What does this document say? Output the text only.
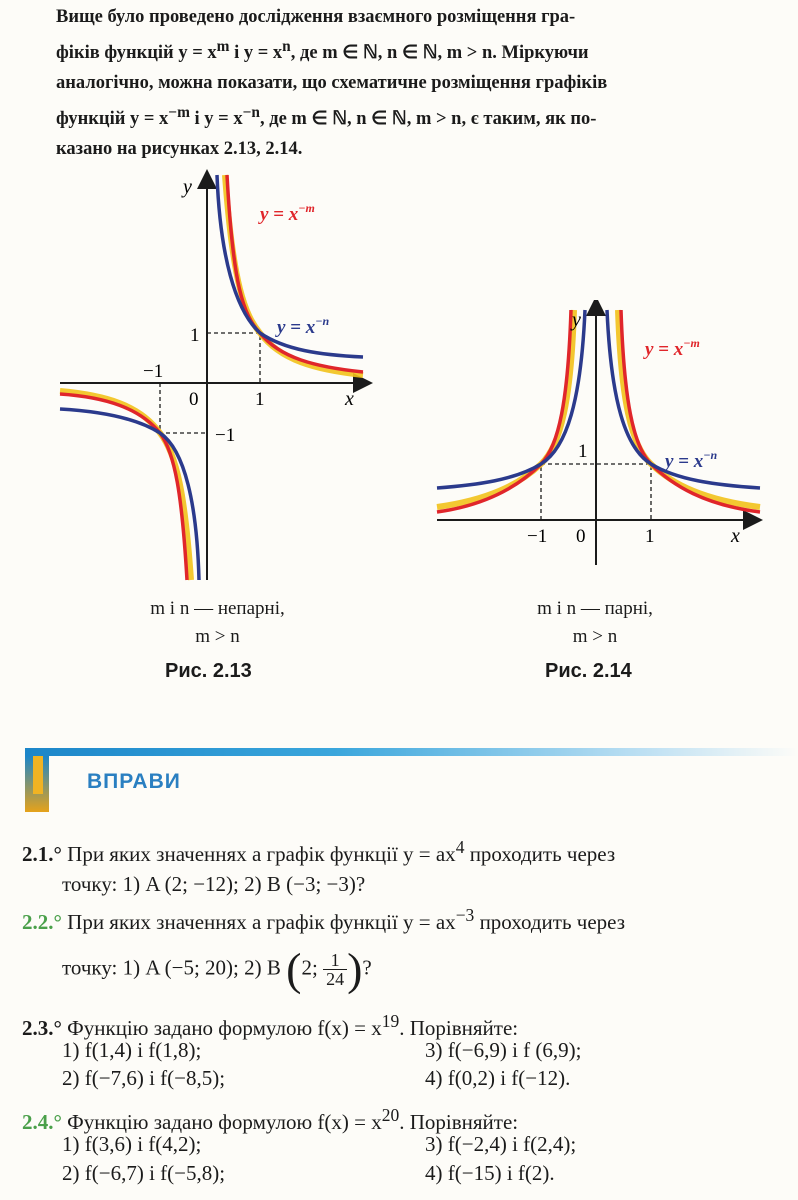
Вище було проведено дослідження взаємного розміщення гра-
фіків функцій $y = x^m$ і $y = x^n$, де m ∈ ℕ, n ∈ ℕ, m > n. Міркуючи
аналогічно, можна показати, що схематичне розміщення графіків
функцій $y = x^{-m}$ і $y = x^{-n}$, де m ∈ ℕ, n ∈ ℕ, m > n, є таким, як по-
казано на рисунках 2.13, 2.14.
y
x
1
−1
0	1
−1
$y = x^{-m}$
$y = x^{-n}$
m і n — непарні,
m > n
Рис. 2.13
y
x
1
−1 0	1
$y = x^{-m}$
$y = x^{-n}$
m і n — парні,
m > n
Рис. 2.14
ВПРАВИ
2.1.° При яких значеннях a графік функції $y = ax^4$ проходить через
точку: 1) A (2; −12); 2) B (−3; −3)?
2.2.° При яких значеннях a графік функції $y = ax^{-3}$ проходить через
точку: 1) A (−5; 20); 2) B (2; $\frac{1}{24}$ )?
2.3.° Функцію задано формулою $f(x) = x^{19}$. Порівняйте:
1) f(1,4) і f(1,8);	3) f(−6,9) і f (6,9);
2) f(−7,6) і f(−8,5);	4) f(0,2) і f(−12).
2.4.° Функцію задано формулою $f(x) = x^{20}$. Порівняйте:
1) f(3,6) і f(4,2);	3) f(−2,4) і f(2,4);
2) f(−6,7) і f(−5,8);	4) f(−15) і f(2).
